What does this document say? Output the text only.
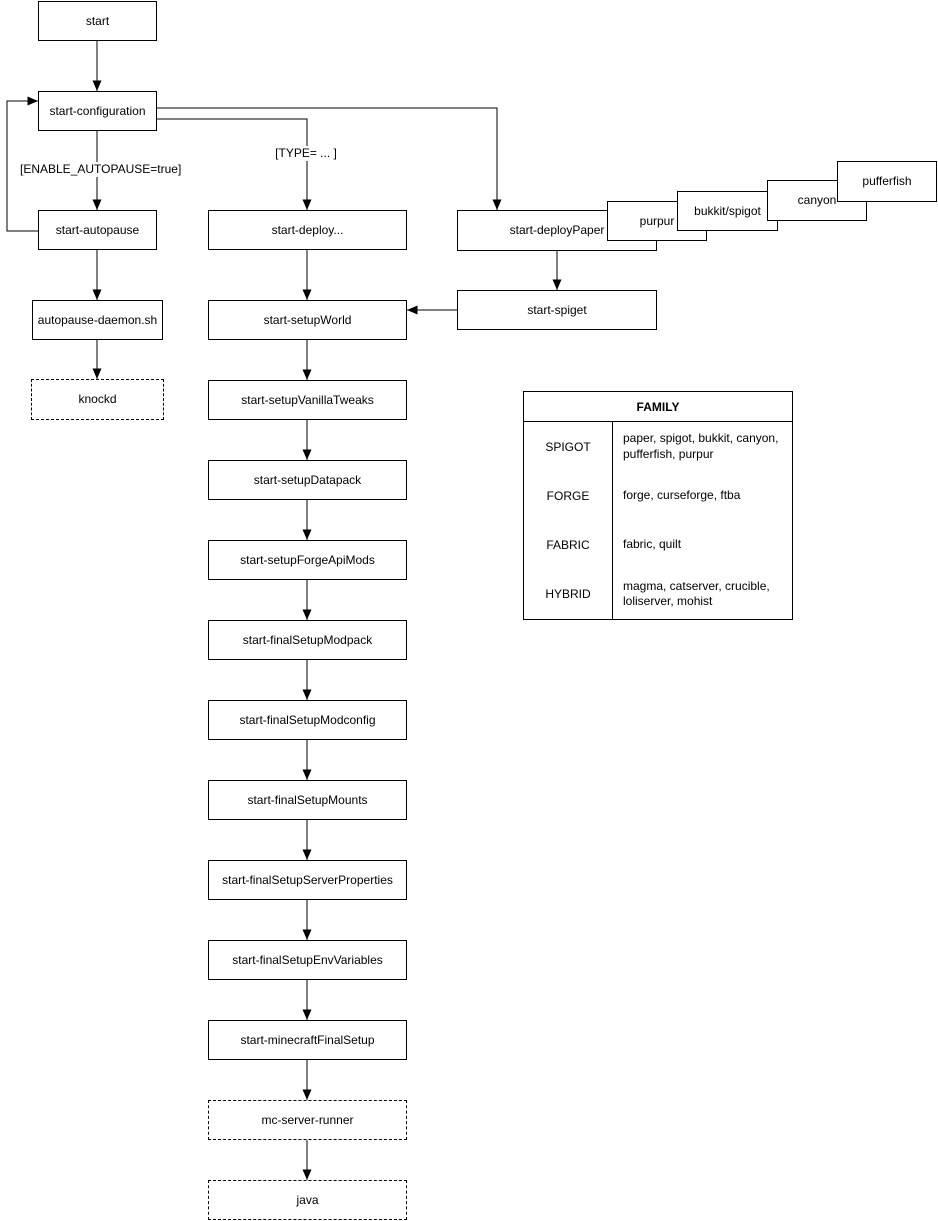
start
start-configuration
start-autopause
autopause-daemon.sh
knockd
start-deploy...
start-setupWorld
start-setupVanillaTweaks
start-setupDatapack
start-setupForgeApiMods
start-finalSetupModpack
start-finalSetupModconfig
start-finalSetupMounts
start-finalSetupServerProperties
start-finalSetupEnvVariables
start-minecraftFinalSetup
mc-server-runner
java
start-deployPaper
purpur
bukkit/spigot
canyon
pufferfish
start-spiget
[ENABLE_AUTOPAUSE=true]
[TYPE= ... ]
FAMILY
SPIGOT
paper, spigot, bukkit, canyon, pufferfish, purpur
FORGE	forge, curseforge, ftba
FABRIC	fabric, quilt
HYBRID
magma, catserver, crucible, loliserver, mohist
